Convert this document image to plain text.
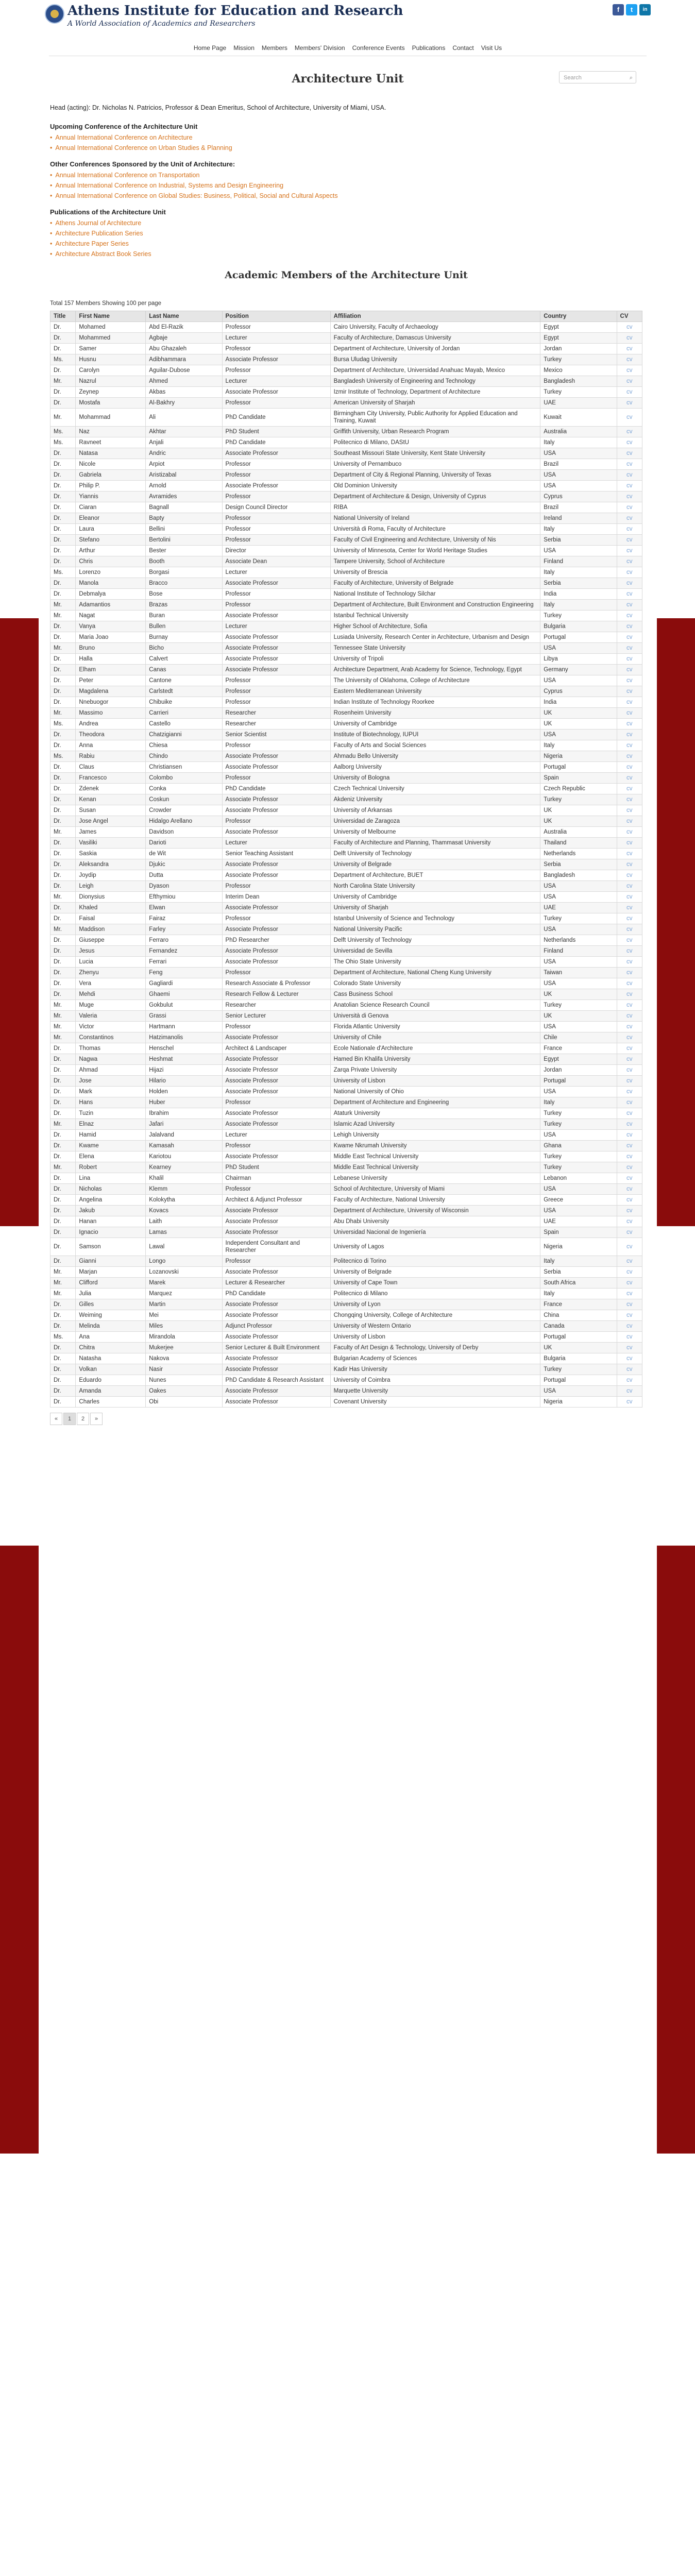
Athens Institute for Education and Research
A World Association of Academics and Researchers
f	t	in
Home Page Mission Members Members' Division Conference Events Publications Contact Visit Us
Search	⌕
Architecture Unit
Head (acting): Dr. Nicholas N. Patricios, Professor & Dean Emeritus, School of Architecture, University of Miami, USA.
Upcoming Conference of the Architecture Unit
• Annual International Conference on Architecture
• Annual International Conference on Urban Studies & Planning
Other Conferences Sponsored by the Unit of Architecture:
• Annual International Conference on Transportation
• Annual International Conference on Industrial, Systems and Design Engineering
• Annual International Conference on Global Studies: Business, Political, Social and Cultural Aspects
Publications of the Architecture Unit
• Athens Journal of Architecture
• Architecture Publication Series
• Architecture Paper Series
• Architecture Abstract Book Series
Academic Members of the Architecture Unit
Total 157 Members Showing 100 per page
Title	First Name	Last Name	Position	Affiliation	Country	CV
Dr.	Mohamed	Abd El-Razik	Professor	Cairo University, Faculty of Archaeology	Egypt	cv
Dr.	Mohammed	Agbaje	Lecturer	Faculty of Architecture, Damascus University	Egypt	cv
Dr.	Samer	Abu Ghazaleh	Professor	Department of Architecture, University of Jordan	Jordan	cv
Ms.	Husnu	Adibhammara	Associate Professor	Bursa Uludag University	Turkey	cv
Dr.	Carolyn	Aguilar-Dubose	Professor	Department of Architecture, Universidad Anahuac Mayab, Mexico	Mexico	cv
Mr.	Nazrul	Ahmed	Lecturer	Bangladesh University of Engineering and Technology	Bangladesh	cv
Dr.	Zeynep	Akbas	Associate Professor	Izmir Institute of Technology, Department of Architecture	Turkey	cv
Dr.	Mostafa	Al-Bakhry	Professor	American University of Sharjah	UAE	cv
Mr.	Mohammad	Ali	PhD Candidate	Birmingham City University, Public Authority for Applied Education and Training, Kuwait	Kuwait	cv
Ms.	Naz	Akhtar	PhD Student	Griffith University, Urban Research Program	Australia	cv
Ms.	Ravneet	Anjali	PhD Candidate	Politecnico di Milano, DAStU	Italy	cv
Dr.	Natasa	Andric	Associate Professor	Southeast Missouri State University, Kent State University	USA	cv
Dr.	Nicole	Arpiot	Professor	University of Pernambuco	Brazil	cv
Dr.	Gabriela	Aristizabal	Professor	Department of City & Regional Planning, University of Texas	USA	cv
Dr.	Philip P.	Arnold	Associate Professor	Old Dominion University	USA	cv
Dr.	Yiannis	Avramides	Professor	Department of Architecture & Design, University of Cyprus	Cyprus	cv
Dr.	Ciaran	Bagnall	Design Council Director	RIBA	Brazil	cv
Dr.	Eleanor	Bapty	Professor	National University of Ireland	Ireland	cv
Dr.	Laura	Bellini	Professor	Università di Roma, Faculty of Architecture	Italy	cv
Dr.	Stefano	Bertolini	Professor	Faculty of Civil Engineering and Architecture, University of Nis	Serbia	cv
Dr.	Arthur	Bester	Director	University of Minnesota, Center for World Heritage Studies	USA	cv
Dr.	Chris	Booth	Associate Dean	Tampere University, School of Architecture	Finland	cv
Ms.	Lorenzo	Borgasi	Lecturer	University of Brescia	Italy	cv
Dr.	Manola	Bracco	Associate Professor	Faculty of Architecture, University of Belgrade	Serbia	cv
Dr.	Debmalya	Bose	Professor	National Institute of Technology Silchar	India	cv
Mr.	Adamantios	Brazas	Professor	Department of Architecture, Built Environment and Construction Engineering	Italy	cv
Mr.	Nagat	Buran	Associate Professor	Istanbul Technical University	Turkey	cv
Dr.	Vanya	Bullen	Lecturer	Higher School of Architecture, Sofia	Bulgaria	cv
Dr.	Maria Joao	Burnay	Associate Professor	Lusiada University, Research Center in Architecture, Urbanism and Design	Portugal	cv
Mr.	Bruno	Bicho	Associate Professor	Tennessee State University	USA	cv
Dr.	Halla	Calvert	Associate Professor	University of Tripoli	Libya	cv
Dr.	Elham	Canas	Associate Professor	Architecture Department, Arab Academy for Science, Technology, Egypt	Germany	cv
Dr.	Peter	Cantone	Professor	The University of Oklahoma, College of Architecture	USA	cv
Dr.	Magdalena	Carlstedt	Professor	Eastern Mediterranean University	Cyprus	cv
Dr.	Nnebuogor	Chibuike	Professor	Indian Institute of Technology Roorkee	India	cv
Mr.	Massimo	Carrieri	Researcher	Rosenheim University	UK	cv
Ms.	Andrea	Castello	Researcher	University of Cambridge	UK	cv
Dr.	Theodora	Chatzigianni	Senior Scientist	Institute of Biotechnology, IUPUI	USA	cv
Dr.	Anna	Chiesa	Professor	Faculty of Arts and Social Sciences	Italy	cv
Ms.	Rabiu	Chindo	Associate Professor	Ahmadu Bello University	Nigeria	cv
Dr.	Claus	Christiansen	Associate Professor	Aalborg University	Portugal	cv
Dr.	Francesco	Colombo	Professor	University of Bologna	Spain	cv
Dr.	Zdenek	Conka	PhD Candidate	Czech Technical University	Czech Republic	cv
Dr.	Kenan	Coskun	Associate Professor	Akdeniz University	Turkey	cv
Dr.	Susan	Crowder	Associate Professor	University of Arkansas	UK	cv
Dr.	Jose Angel	Hidalgo Arellano	Professor	Universidad de Zaragoza	UK	cv
Mr.	James	Davidson	Associate Professor	University of Melbourne	Australia	cv
Dr.	Vasiliki	Darioti	Lecturer	Faculty of Architecture and Planning, Thammasat University	Thailand	cv
Dr.	Saskia	de Wit	Senior Teaching Assistant	Delft University of Technology	Netherlands	cv
Dr.	Aleksandra	Djukic	Associate Professor	University of Belgrade	Serbia	cv
Dr.	Joydip	Dutta	Associate Professor	Department of Architecture, BUET	Bangladesh	cv
Dr.	Leigh	Dyason	Professor	North Carolina State University	USA	cv
Mr.	Dionysius	Efthymiou	Interim Dean	University of Cambridge	USA	cv
Dr.	Khaled	Elwan	Associate Professor	University of Sharjah	UAE	cv
Dr.	Faisal	Fairaz	Professor	Istanbul University of Science and Technology	Turkey	cv
Mr.	Maddison	Farley	Associate Professor	National University Pacific	USA	cv
Dr.	Giuseppe	Ferraro	PhD Researcher	Delft University of Technology	Netherlands	cv
Dr.	Jesus	Fernandez	Associate Professor	Universidad de Sevilla	Finland	cv
Dr.	Lucia	Ferrari	Associate Professor	The Ohio State University	USA	cv
Dr.	Zhenyu	Feng	Professor	Department of Architecture, National Cheng Kung University	Taiwan	cv
Dr.	Vera	Gagliardi	Research Associate & Professor	Colorado State University	USA	cv
Dr.	Mehdi	Ghaemi	Research Fellow & Lecturer	Cass Business School	UK	cv
Mr.	Muge	Gokbulut	Researcher	Anatolian Science Research Council	Turkey	cv
Mr.	Valeria	Grassi	Senior Lecturer	Università di Genova	UK	cv
Mr.	Victor	Hartmann	Professor	Florida Atlantic University	USA	cv
Mr.	Constantinos	Hatzimanolis	Associate Professor	University of Chile	Chile	cv
Dr.	Thomas	Henschel	Architect & Landscaper	Ecole Nationale d'Architecture	France	cv
Dr.	Nagwa	Heshmat	Associate Professor	Hamed Bin Khalifa University	Egypt	cv
Dr.	Ahmad	Hijazi	Associate Professor	Zarqa Private University	Jordan	cv
Dr.	Jose	Hilario	Associate Professor	University of Lisbon	Portugal	cv
Dr.	Mark	Holden	Associate Professor	National University of Ohio	USA	cv
Dr.	Hans	Huber	Professor	Department of Architecture and Engineering	Italy	cv
Dr.	Tuzin	Ibrahim	Associate Professor	Ataturk University	Turkey	cv
Mr.	Elnaz	Jafari	Associate Professor	Islamic Azad University	Turkey	cv
Dr.	Hamid	Jalalvand	Lecturer	Lehigh University	USA	cv
Dr.	Kwame	Kamasah	Professor	Kwame Nkrumah University	Ghana	cv
Dr.	Elena	Kariotou	Associate Professor	Middle East Technical University	Turkey	cv
Mr.	Robert	Kearney	PhD Student	Middle East Technical University	Turkey	cv
Dr.	Lina	Khalil	Chairman	Lebanese University	Lebanon	cv
Dr.	Nicholas	Klemm	Professor	School of Architecture, University of Miami	USA	cv
Dr.	Angelina	Kolokytha	Architect & Adjunct Professor	Faculty of Architecture, National University	Greece	cv
Dr.	Jakub	Kovacs	Associate Professor	Department of Architecture, University of Wisconsin	USA	cv
Dr.	Hanan	Laith	Associate Professor	Abu Dhabi University	UAE	cv
Dr.	Ignacio	Lamas	Associate Professor	Universidad Nacional de Ingeniería	Spain	cv
Dr.	Samson	Lawal	Independent Consultant and Researcher	University of Lagos	Nigeria	cv
Dr.	Gianni	Longo	Professor	Politecnico di Torino	Italy	cv
Mr.	Marjan	Lozanovski	Associate Professor	University of Belgrade	Serbia	cv
Mr.	Clifford	Marek	Lecturer & Researcher	University of Cape Town	South Africa	cv
Mr.	Julia	Marquez	PhD Candidate	Politecnico di Milano	Italy	cv
Dr.	Gilles	Martin	Associate Professor	University of Lyon	France	cv
Dr.	Weiming	Mei	Associate Professor	Chongqing University, College of Architecture	China	cv
Dr.	Melinda	Miles	Adjunct Professor	University of Western Ontario	Canada	cv
Ms.	Ana	Mirandola	Associate Professor	University of Lisbon	Portugal	cv
Dr.	Chitra	Mukerjee	Senior Lecturer & Built Environment	Faculty of Art Design & Technology, University of Derby	UK	cv
Dr.	Natasha	Nakova	Associate Professor	Bulgarian Academy of Sciences	Bulgaria	cv
Dr.	Volkan	Nasir	Associate Professor	Kadir Has University	Turkey	cv
Dr.	Eduardo	Nunes	PhD Candidate & Research Assistant	University of Coimbra	Portugal	cv
Dr.	Amanda	Oakes	Associate Professor	Marquette University	USA	cv
Dr.	Charles	Obi	Associate Professor	Covenant University	Nigeria	cv
«	1	2	»
